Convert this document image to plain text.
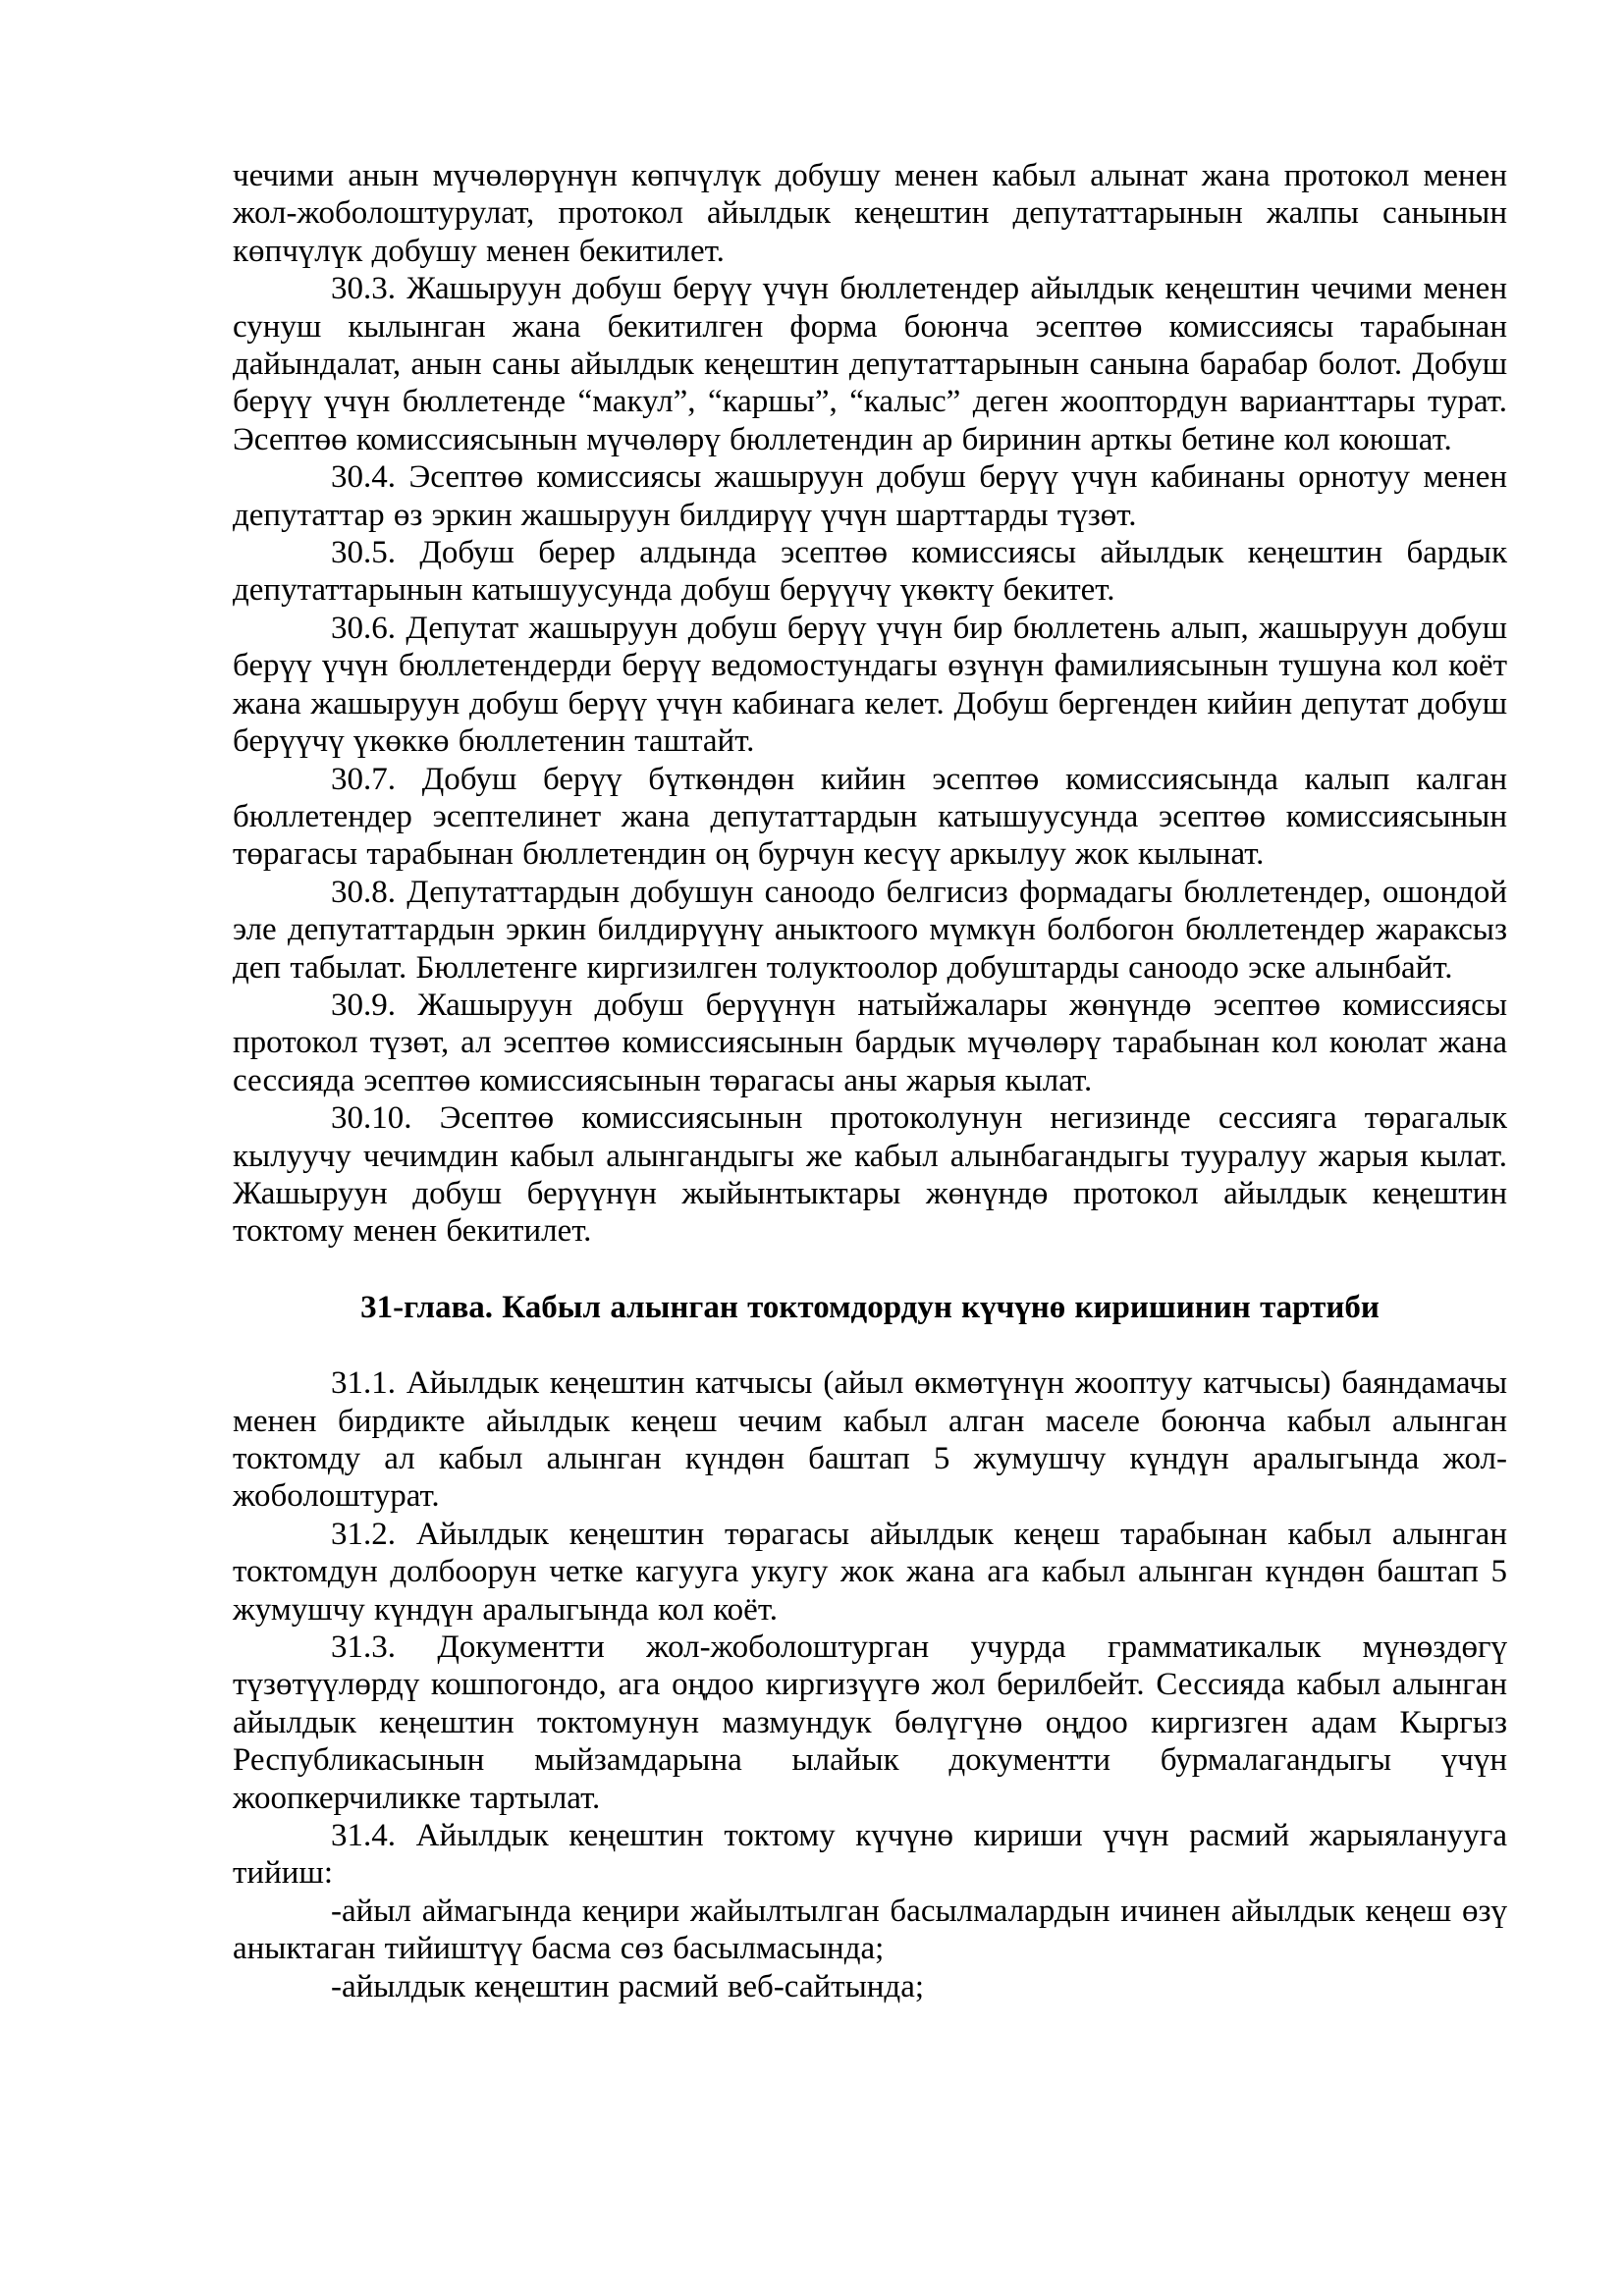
чечими анын мүчөлөрүнүн көпчүлүк добушу менен кабыл алынат жана протокол менен жол-жоболоштурулат, протокол айылдык кеңештин депутаттарынын жалпы санынын көпчүлүк добушу менен бекитилет.

30.3. Жашыруун добуш берүү үчүн бюллетендер айылдык кеңештин чечими менен сунуш кылынган жана бекитилген форма боюнча эсептөө комиссиясы тарабынан дайындалат, анын саны айылдык кеңештин депутаттарынын санына барабар болот. Добуш берүү үчүн бюллетенде “макул”, “каршы”, “калыс” деген жооптордун варианттары турат. Эсептөө комиссиясынын мүчөлөрү бюллетендин ар биринин арткы бетине кол коюшат.

30.4. Эсептөө комиссиясы жашыруун добуш берүү үчүн кабинаны орнотуу менен депутаттар өз эркин жашыруун билдирүү үчүн шарттарды түзөт.

30.5. Добуш берер алдында эсептөө комиссиясы айылдык кеңештин бардык депутаттарынын катышуусунда добуш берүүчү үкөктү бекитет.

30.6. Депутат жашыруун добуш берүү үчүн бир бюллетень алып, жашыруун добуш берүү үчүн бюллетендерди берүү ведомостундагы өзүнүн фамилиясынын тушуна кол коёт жана жашыруун добуш берүү үчүн кабинага келет. Добуш бергенден кийин депутат добуш берүүчү үкөккө бюллетенин таштайт.

30.7. Добуш берүү бүткөндөн кийин эсептөө комиссиясында калып калган бюллетендер эсептелинет жана депутаттардын катышуусунда эсептөө комиссиясынын төрагасы тарабынан бюллетендин оң бурчун кесүү аркылуу жок кылынат.

30.8. Депутаттардын добушун саноодо белгисиз формадагы бюллетендер, ошондой эле депутаттардын эркин билдирүүнү аныктоого мүмкүн болбогон бюллетендер жараксыз деп табылат. Бюллетенге киргизилген толуктоолор добуштарды саноодо эске алынбайт.

30.9. Жашыруун добуш берүүнүн натыйжалары жөнүндө эсептөө комиссиясы протокол түзөт, ал эсептөө комиссиясынын бардык мүчөлөрү тарабынан кол коюлат жана сессияда эсептөө комиссиясынын төрагасы аны жарыя кылат.

30.10. Эсептөө комиссиясынын протоколунун негизинде сессияга төрагалык кылуучу чечимдин кабыл алынгандыгы же кабыл алынбагандыгы тууралуу жарыя кылат. Жашыруун добуш берүүнүн жыйынтыктары жөнүндө протокол айылдык кеңештин токтому менен бекитилет.

31-глава. Кабыл алынган токтомдордун күчүнө киришинин тартиби

31.1. Айылдык кеңештин катчысы (айыл өкмөтүнүн жооптуу катчысы) баяндамачы менен бирдикте айылдык кеңеш чечим кабыл алган маселе боюнча кабыл алынган токтомду ал кабыл алынган күндөн баштап 5 жумушчу күндүн аралыгында жол-жоболоштурат.

31.2. Айылдык кеңештин төрагасы айылдык кеңеш тарабынан кабыл алынган токтомдун долбоорун четке кагууга укугу жок жана ага кабыл алынган күндөн баштап 5 жумушчу күндүн аралыгында кол коёт.

31.3. Документти жол-жоболоштурган учурда грамматикалык мүнөздөгү түзөтүүлөрдү кошпогондо, ага оңдоо киргизүүгө жол берилбейт. Сессияда кабыл алынган айылдык кеңештин токтомунун мазмундук бөлүгүнө оңдоо киргизген адам Кыргыз Республикасынын мыйзамдарына ылайык документти бурмалагандыгы үчүн жоопкерчиликке тартылат.

31.4. Айылдык кеңештин токтому күчүнө кириши үчүн расмий жарыяланууга тийиш:

-айыл аймагында кеңири жайылтылган басылмалардын ичинен айылдык кеңеш өзү аныктаган тийиштүү басма сөз басылмасында;

-айылдык кеңештин расмий веб-сайтында;
